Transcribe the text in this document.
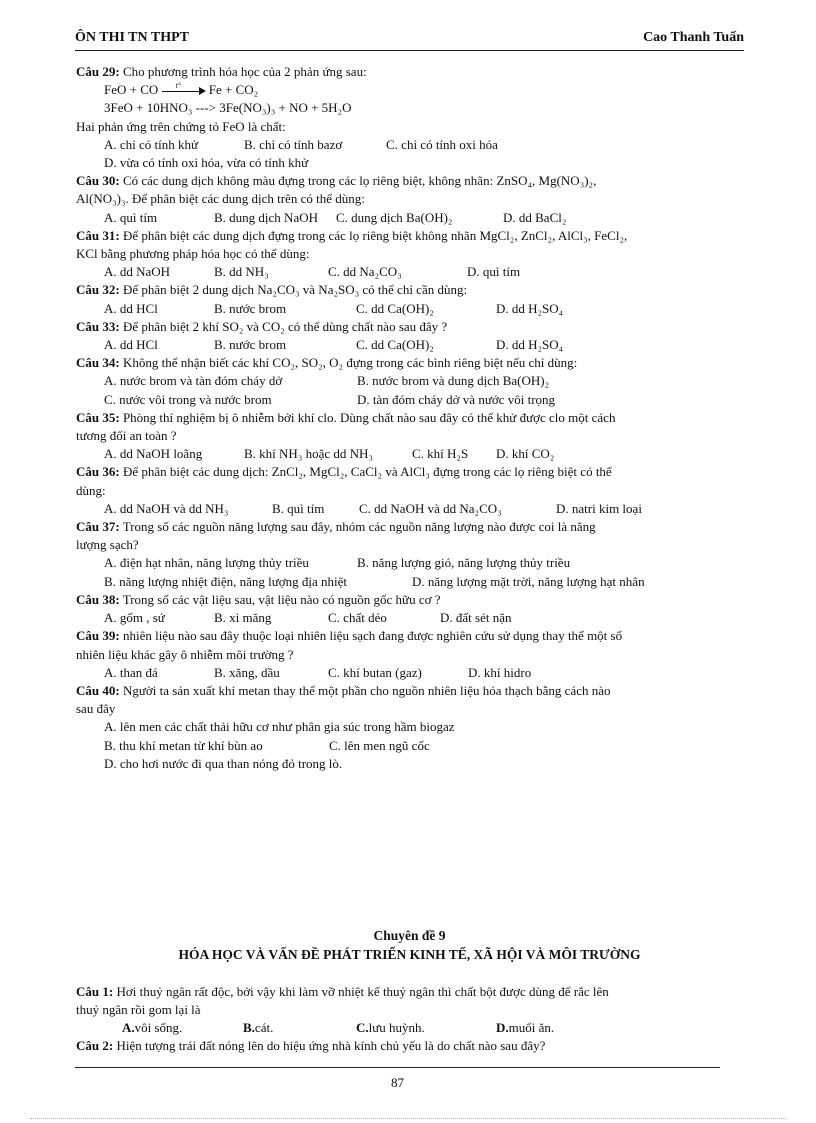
ÔN THI TN THPT	Cao Thanh Tuấn

Câu 29: Cho phương trình hóa học của 2 phản ứng sau:

FeO + CO t° Fe + CO₂

3FeO + 10HNO₃ ---> 3Fe(NO₃)₃ + NO + 5H₂O

Hai phản ứng trên chứng tỏ FeO là chất:

A. chỉ có tính khử	B. chỉ có tính bazơ	C. chỉ có tính oxi hóa

D. vừa có tính oxi hóa, vừa có tính khử

Câu 30: Có các dung dịch không màu đựng trong các lọ riêng biệt, không nhãn: ZnSO₄, Mg(NO₃)₂,

Al(NO₃)₃. Để phân biệt các dung dịch trên có thể dùng:

A. quì tím	B. dung dịch NaOH C. dung dịch Ba(OH)₂	D. dd BaCl₂

Câu 31: Để phân biệt các dung dịch đựng trong các lọ riêng biệt không nhãn MgCl₂, ZnCl₂, AlCl₃, FeCl₂,

KCl bằng phương pháp hóa học có thể dùng:

A. dd NaOH	B. dd NH₃	C. dd Na₂CO₃	D. quì tím

Câu 32: Để phân biệt 2 dung dịch Na₂CO₃ và Na₂SO₃ có thể chỉ cần dùng:

A. dd HCl	B. nước brom	C. dd Ca(OH)₂	D. dd H₂SO₄

Câu 33: Để phân biệt 2 khí SO₂ và CO₂ có thể dùng chất nào sau đây ?

A. dd HCl	B. nước brom	C. dd Ca(OH)₂	D. dd H₂SO₄

Câu 34: Không thể nhận biết các khí CO₂, SO₂, O₂ đựng trong các bình riêng biệt nếu chỉ dùng:

A. nước brom và tàn đóm cháy dở	B. nước brom và dung dịch Ba(OH)₂

C. nước vôi trong và nước brom	D. tàn đóm cháy dở và nước vôi trọng

Câu 35: Phòng thí nghiệm bị ô nhiễm bởi khí clo. Dùng chất nào sau đây có thể khử được clo một cách

tương đối an toàn ?

A. dd NaOH loãng	B. khí NH₃ hoặc dd NH₃	C. khí H₂S D. khí CO₂

Câu 36: Để phân biệt các dung dịch: ZnCl₂, MgCl₂, CaCl₂ và AlCl₃ đựng trong các lọ riêng biệt có thể

dùng:

A. dd NaOH và dd NH₃	B. quì tím	C. dd NaOH và dd Na₂CO₃	D. natri kim loại

Câu 37: Trong số các nguồn năng lượng sau đây, nhóm các nguồn năng lượng nào được coi là năng

lượng sạch?

A. điện hạt nhân, năng lượng thủy triều	B. năng lượng gió, năng lượng thủy triều

B. năng lượng nhiệt điện, năng lượng địa nhiệt	D. năng lượng mặt trời, năng lượng hạt nhân

Câu 38: Trong số các vật liệu sau, vật liệu nào có nguồn gốc hữu cơ ?

A. gốm , sứ	B. xi măng	C. chất dẻo	D. đất sét nặn

Câu 39: nhiên liệu nào sau đây thuộc loại nhiên liệu sạch đang được nghiên cứu sử dụng thay thế một số

nhiên liệu khác gây ô nhiễm môi trường ?

A. than đá	B. xăng, dầu	C. khí butan (gaz)	D. khí hidro

Câu 40: Người ta sản xuất khí metan thay thế một phần cho nguồn nhiên liệu hóa thạch bằng cách nào

sau đây

A. lên men các chất thải hữu cơ như phân gia súc trong hầm biogaz

B. thu khí metan từ khí bùn ao	C. lên men ngũ cốc

D. cho hơi nước đi qua than nóng đỏ trong lò.

Chuyên đề 9
HÓA HỌC VÀ VẤN ĐỀ PHÁT TRIỂN KINH TẾ, XÃ HỘI VÀ MÔI TRƯỜNG

Câu 1: Hơi thuỷ ngân rất độc, bởi vậy khi làm vỡ nhiệt kế thuỷ ngân thì chất bột được dùng để rắc lên

thuỷ ngân rồi gom lại là

A.vôi sống.	B.cát.	C.lưu huỳnh.	D.muối ăn.

Câu 2: Hiện tượng trái đất nóng lên do hiệu ứng nhà kính chủ yếu là do chất nào sau đây?

87
